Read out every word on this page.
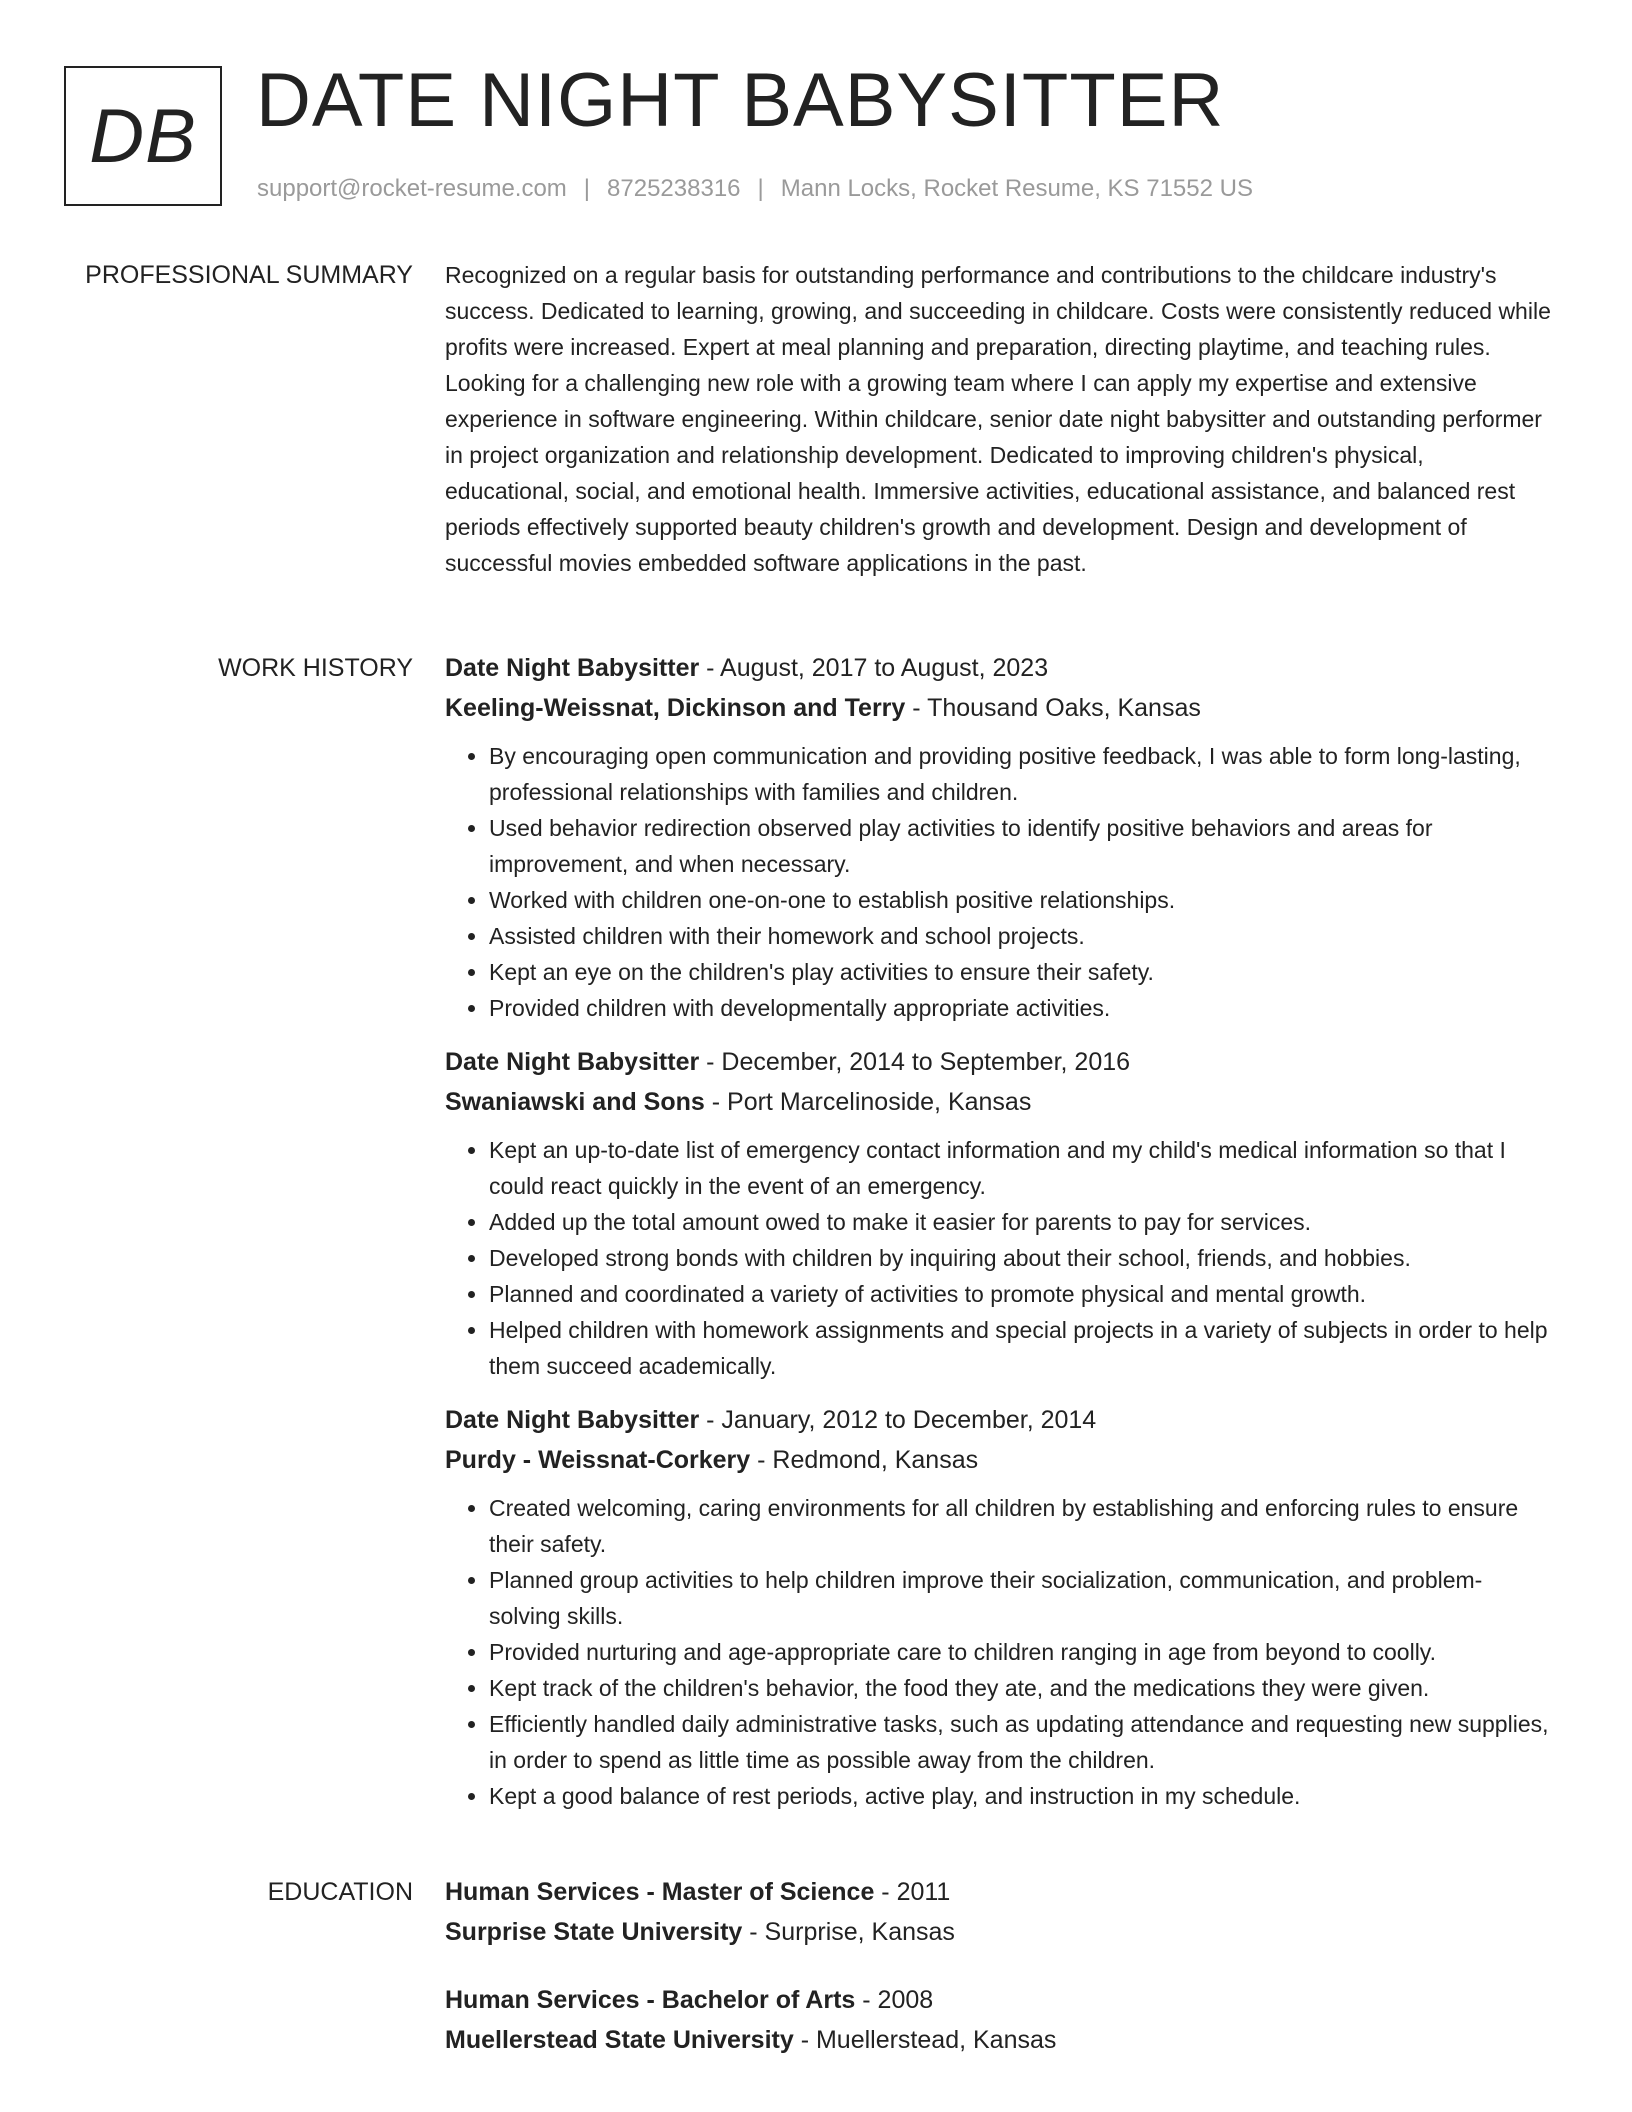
DB DATE NIGHT BABYSITTER
support@rocket-resume.com | 8725238316 | Mann Locks, Rocket Resume, KS 71552 US
PROFESSIONAL SUMMARY Recognized on a regular basis for outstanding performance and contributions to the childcare industry's success. Dedicated to learning, growing, and succeeding in childcare. Costs were consistently reduced while profits were increased. Expert at meal planning and preparation, directing playtime, and teaching rules. Looking for a challenging new role with a growing team where I can apply my expertise and extensive experience in software engineering. Within childcare, senior date night babysitter and outstanding performer in project organization and relationship development. Dedicated to improving children's physical, educational, social, and emotional health. Immersive activities, educational assistance, and balanced rest periods effectively supported beauty children's growth and development. Design and development of successful movies embedded software applications in the past.

WORK HISTORY Date Night Babysitter - August, 2017 to August, 2023
Keeling-Weissnat, Dickinson and Terry - Thousand Oaks, Kansas
• By encouraging open communication and providing positive feedback, I was able to form long-lasting, professional relationships with families and children.
• Used behavior redirection observed play activities to identify positive behaviors and areas for improvement, and when necessary.
• Worked with children one-on-one to establish positive relationships.
• Assisted children with their homework and school projects.
• Kept an eye on the children's play activities to ensure their safety.
• Provided children with developmentally appropriate activities.
Date Night Babysitter - December, 2014 to September, 2016
Swaniawski and Sons - Port Marcelinoside, Kansas
• Kept an up-to-date list of emergency contact information and my child's medical information so that I could react quickly in the event of an emergency.
• Added up the total amount owed to make it easier for parents to pay for services.
• Developed strong bonds with children by inquiring about their school, friends, and hobbies.
• Planned and coordinated a variety of activities to promote physical and mental growth.
• Helped children with homework assignments and special projects in a variety of subjects in order to help them succeed academically.
Date Night Babysitter - January, 2012 to December, 2014
Purdy - Weissnat-Corkery - Redmond, Kansas
• Created welcoming, caring environments for all children by establishing and enforcing rules to ensure their safety.
• Planned group activities to help children improve their socialization, communication, and problem-solving skills.
• Provided nurturing and age-appropriate care to children ranging in age from beyond to coolly.
• Kept track of the children's behavior, the food they ate, and the medications they were given.
• Efficiently handled daily administrative tasks, such as updating attendance and requesting new supplies, in order to spend as little time as possible away from the children.
• Kept a good balance of rest periods, active play, and instruction in my schedule.
EDUCATION Human Services - Master of Science - 2011
Surprise State University - Surprise, Kansas
Human Services - Bachelor of Arts - 2008
Muellerstead State University - Muellerstead, Kansas
